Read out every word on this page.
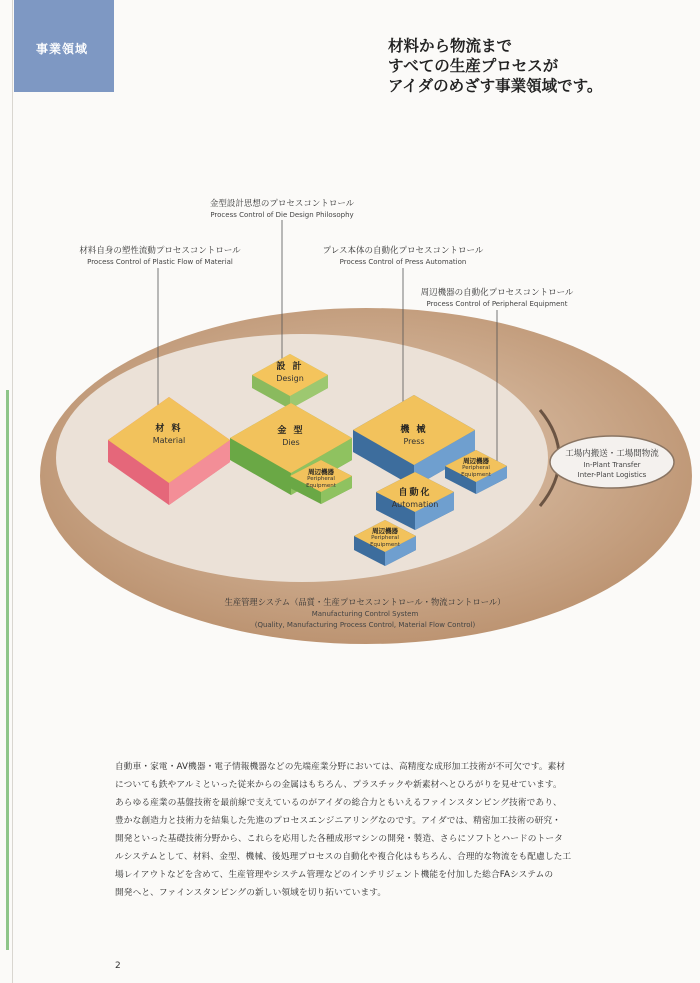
事業領域	材料から物流まで
すべての生産プロセスが
アイダのめざす事業領域です。
金型設計思想のプロセスコントロール
Process Control of Die Design Philosophy
材料自身の塑性流動プロセスコントロール
Process Control of Plastic Flow of Material
プレス本体の自動化プロセスコントロール
Process Control of Press Automation
周辺機器の自動化プロセスコントロール
Process Control of Peripheral Equipment
設 計
Design
材 料
Material
金 型
Dies
機 械
Press
自動化
Automation
周辺機器
Peripheral
Equipment
周辺機器
Peripheral
Equipment
周辺機器
Peripheral
Equipment
工場内搬送・工場間物流
In-Plant Transfer
Inter-Plant Logistics
生産管理システム（品質・生産プロセスコントロール・物流コントロール）
Manufacturing Control System
(Quality, Manufacturing Process Control, Material Flow Control)

自動車・家電・AV機器・電子情報機器などの先端産業分野においては、高精度な成形加工技術が不可欠です。素材

についても鉄やアルミといった従来からの金属はもちろん、プラスチックや新素材へとひろがりを見せています。

あらゆる産業の基盤技術を最前線で支えているのがアイダの総合力ともいえるファインスタンピング技術であり、

豊かな創造力と技術力を結集した先進のプロセスエンジニアリングなのです。アイダでは、精密加工技術の研究・

開発といった基礎技術分野から、これらを応用した各種成形マシンの開発・製造、さらにソフトとハードのトータ

ルシステムとして、材料、金型、機械、後処理プロセスの自動化や複合化はもちろん、合理的な物流をも配慮した工

場レイアウトなどを含めて、生産管理やシステム管理などのインテリジェント機能を付加した総合FAシステムの

開発へと、ファインスタンピングの新しい領域を切り拓いています。

2
